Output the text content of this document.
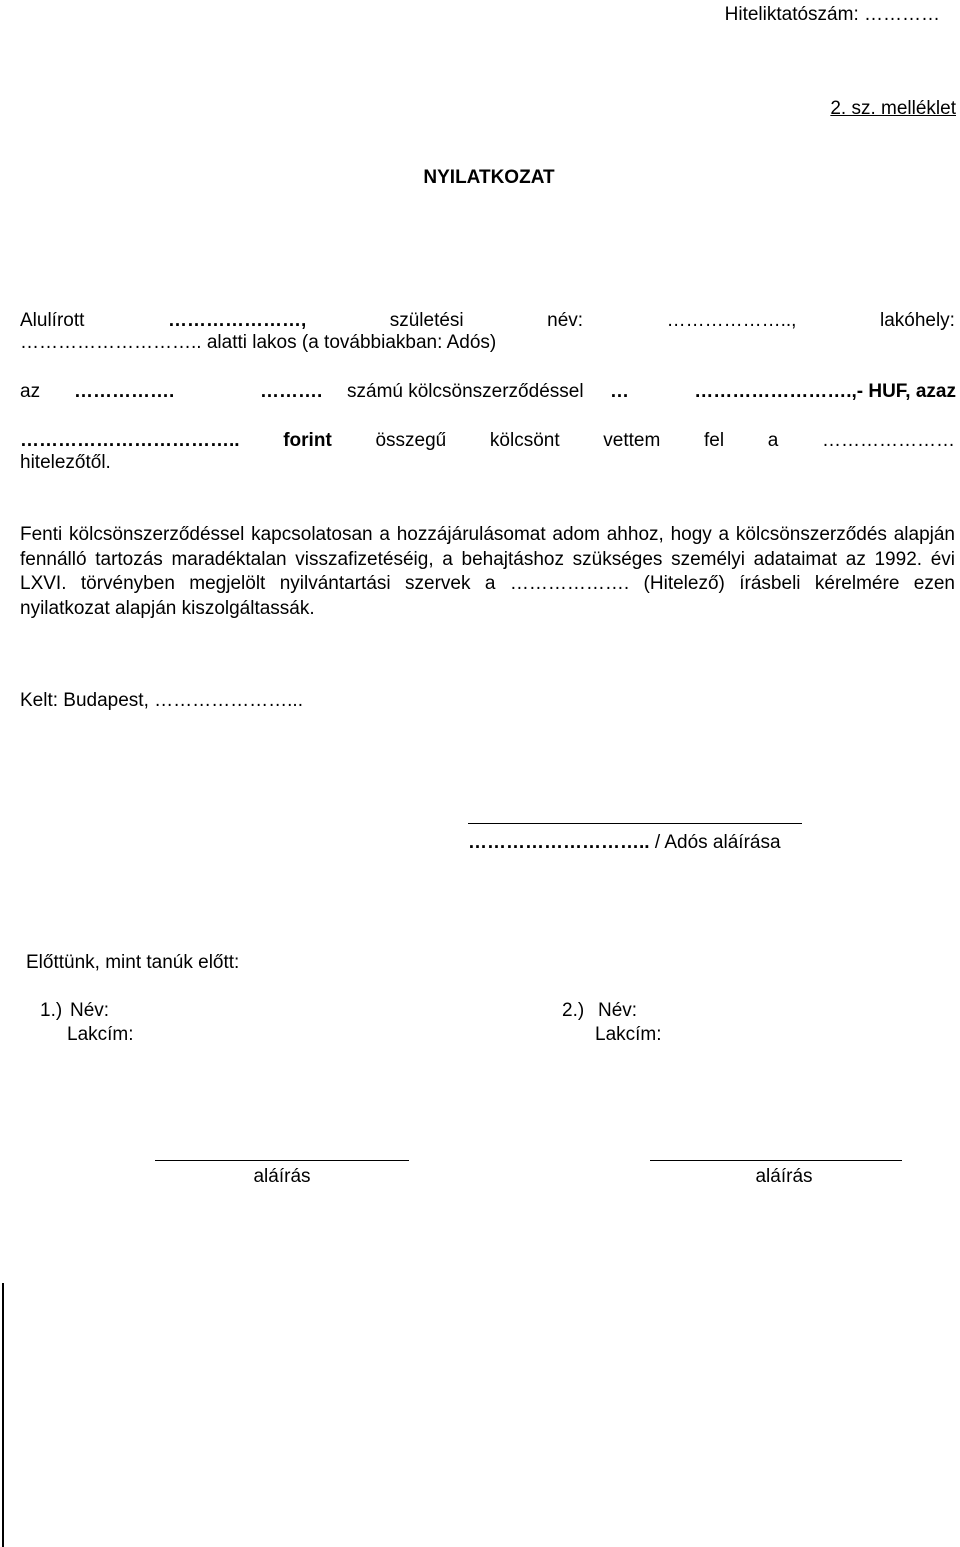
Hiteliktatószám: …………
2. sz. melléklet
NYILATKOZAT
Alulírott	…………………,	születési	név:	………………..,	lakóhely:
……………………….. alatti lakos (a továbbiakban: Adós)
az …………….	………. számú kölcsönszerződéssel …	…………………….,- HUF, azaz
…………………………….. forint összegű kölcsönt vettem fel a …………………
hitelezőtől.
Fenti kölcsönszerződéssel kapcsolatosan a hozzájárulásomat adom ahhoz, hogy a kölcsönszerződés alapján fennálló tartozás maradéktalan visszafizetéséig, a behajtáshoz szükséges személyi adataimat az 1992. évi LXVI. törvényben megjelölt nyilvántartási szervek a ………………. (Hitelező) írásbeli kérelmére ezen nyilatkozat alapján kiszolgáltassák.
Kelt: Budapest, …………………...
……………………….. / Adós aláírása
Előttünk, mint tanúk előtt:
1.) Név:
Lakcím:
2.) Név:
Lakcím:
aláírás	aláírás
